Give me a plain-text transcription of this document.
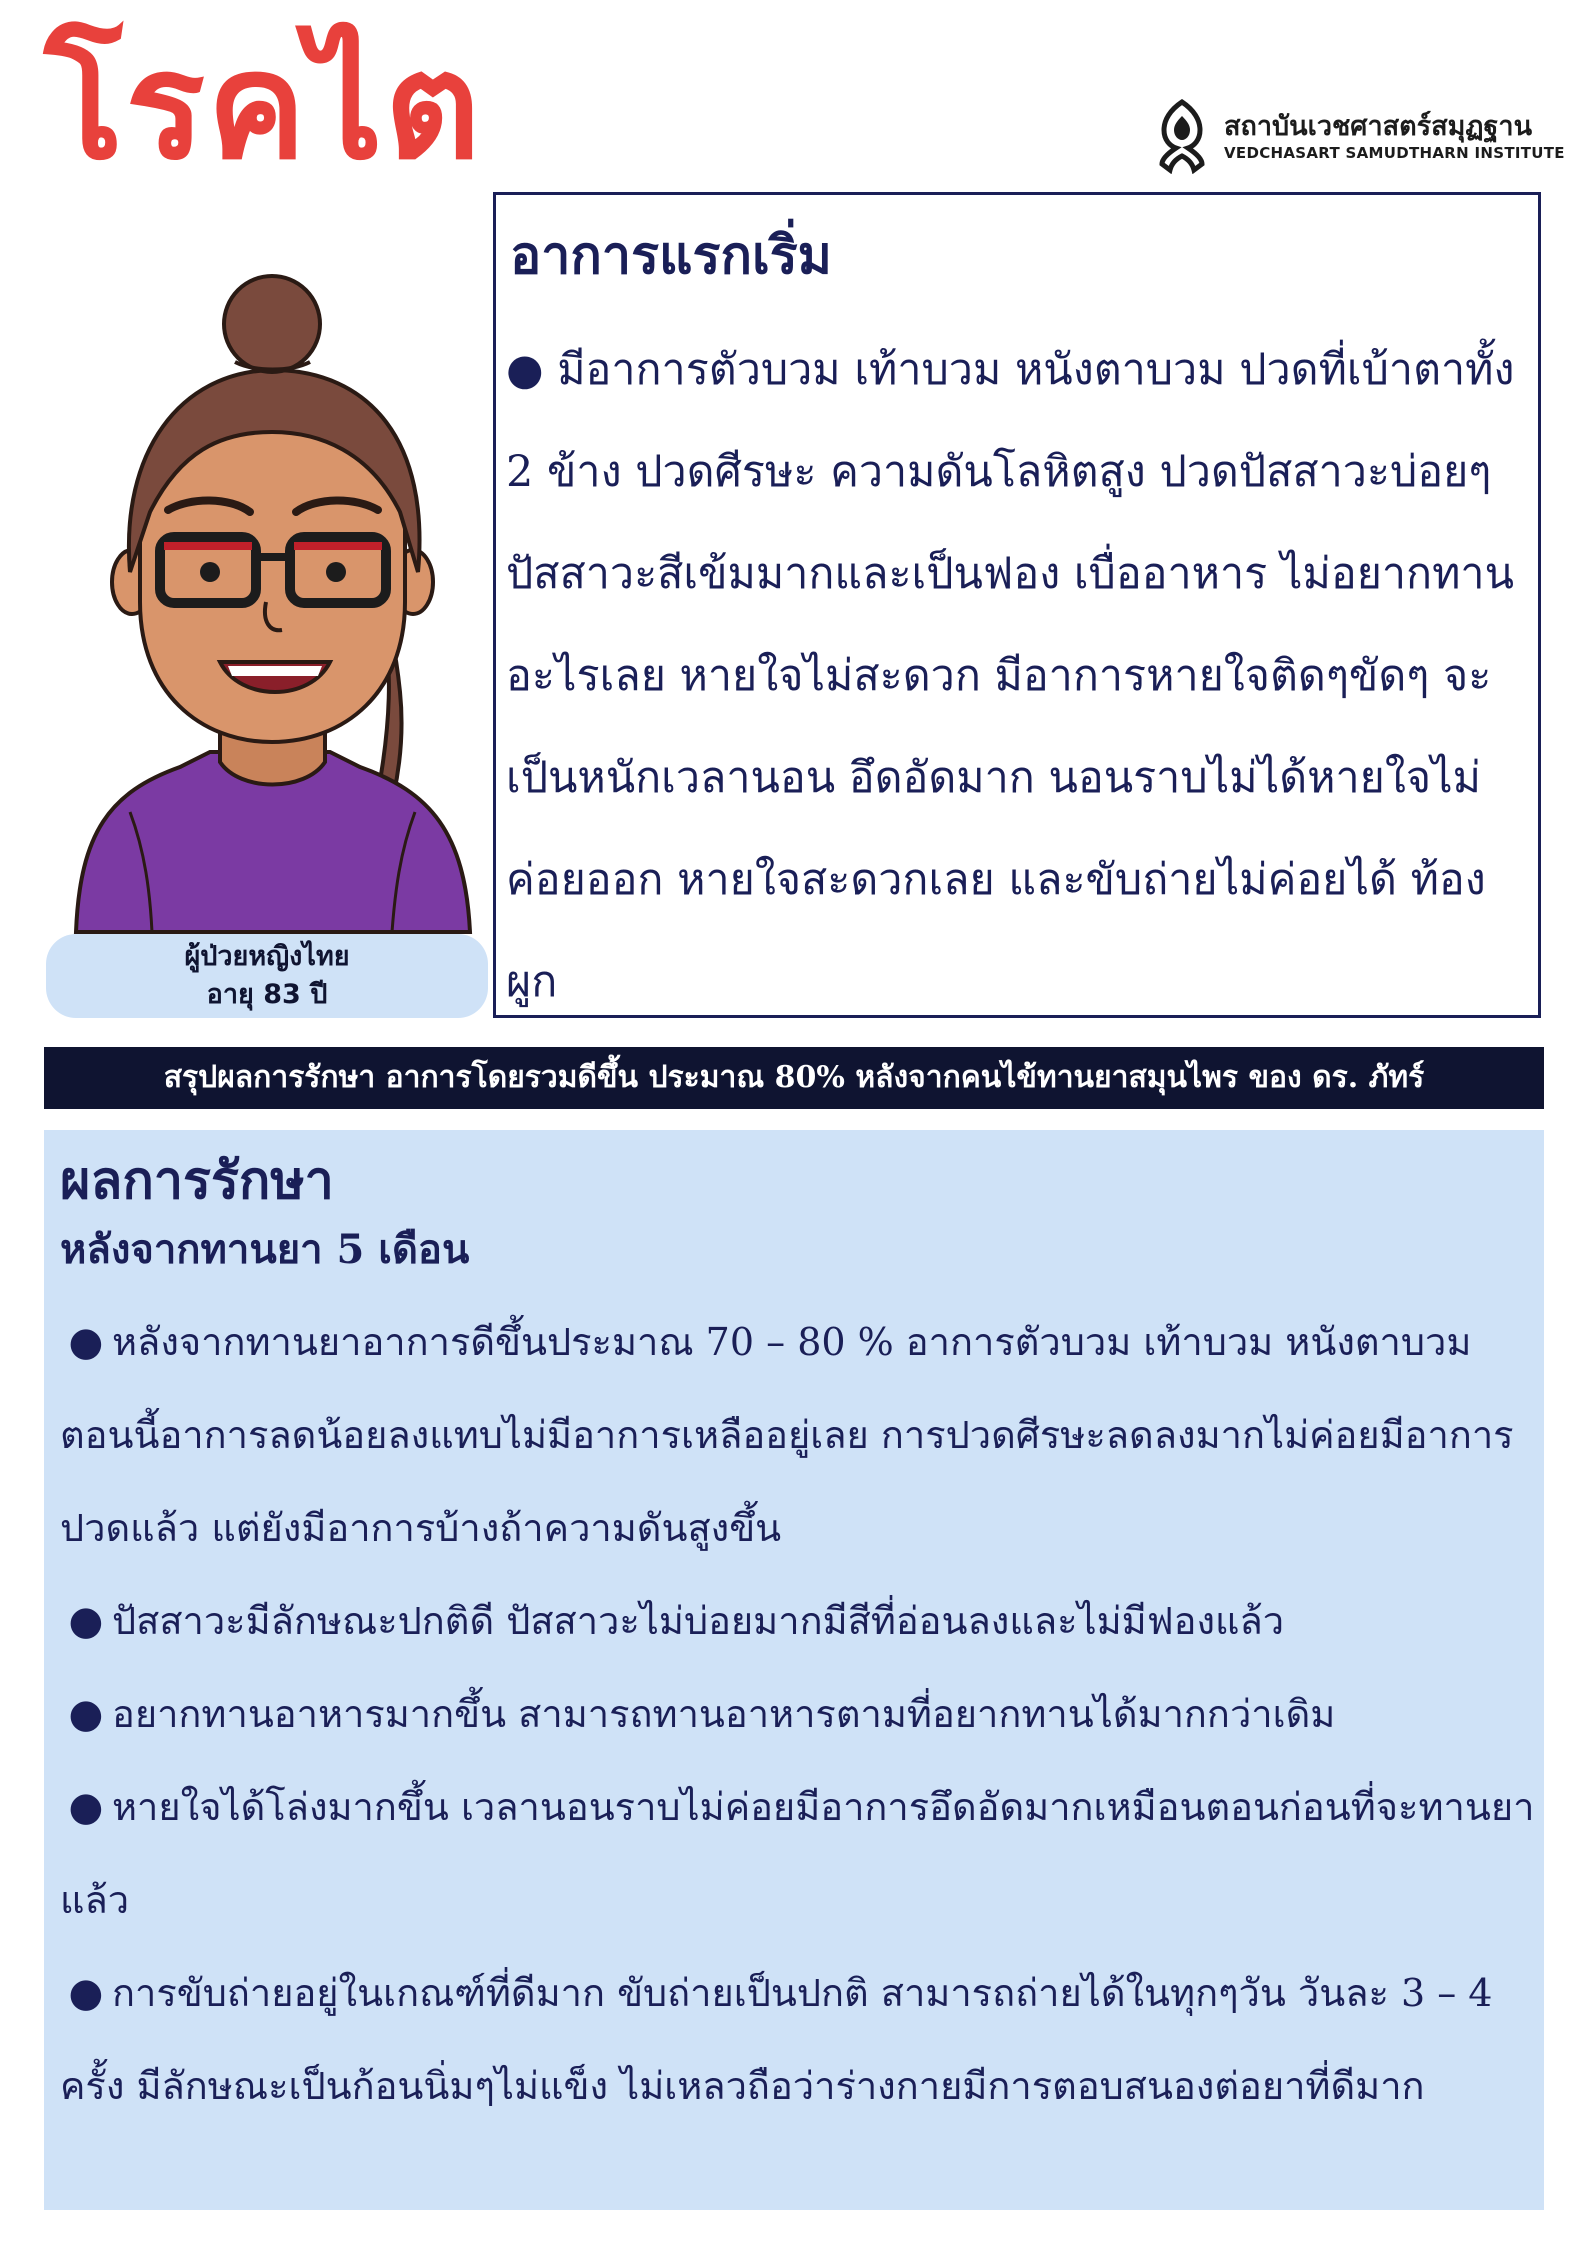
โรคไต	สถาบันเวชศาสตร์สมุฏฐาน
VEDCHASART SAMUDTHARN INSTITUTE
ผู้ป่วยหญิงไทย
อายุ 83 ปี
อาการแรกเริ่ม
● มีอาการตัวบวม เท้าบวม หนังตาบวม ปวดที่เบ้าตาทั้ง 2 ข้าง ปวดศีรษะ ความดันโลหิตสูง ปวดปัสสาวะบ่อยๆ ปัสสาวะสีเข้มมากและเป็นฟอง เบื่ออาหาร ไม่อยากทานอะไรเลย หายใจไม่สะดวก มีอาการหายใจติดๆขัดๆ จะเป็นหนักเวลานอน อึดอัดมาก นอนราบไม่ได้หายใจไม่ค่อยออก หายใจสะดวกเลย และขับถ่ายไม่ค่อยได้ ท้องผูก
สรุปผลการรักษา อาการโดยรวมดีขึ้น ประมาณ 80% หลังจากคนไข้ทานยาสมุนไพร ของ ดร. ภัทร์
ผลการรักษา
หลังจากทานยา 5 เดือน

● หลังจากทานยาอาการดีขึ้นประมาณ 70 – 80 % อาการตัวบวม เท้าบวม หนังตาบวมตอนนี้อาการลดน้อยลงแทบไม่มีอาการเหลืออยู่เลย การปวดศีรษะลดลงมากไม่ค่อยมีอาการปวดแล้ว แต่ยังมีอาการบ้างถ้าความดันสูงขึ้น

● ปัสสาวะมีลักษณะปกติดี ปัสสาวะไม่บ่อยมากมีสีที่อ่อนลงและไม่มีฟองแล้ว

● อยากทานอาหารมากขึ้น สามารถทานอาหารตามที่อยากทานได้มากกว่าเดิม

● หายใจได้โล่งมากขึ้น เวลานอนราบไม่ค่อยมีอาการอึดอัดมากเหมือนตอนก่อนที่จะทานยาแล้ว

● การขับถ่ายอยู่ในเกณฑ์ที่ดีมาก ขับถ่ายเป็นปกติ สามารถถ่ายได้ในทุกๆวัน วันละ 3 – 4 ครั้ง มีลักษณะเป็นก้อนนิ่มๆไม่แข็ง ไม่เหลวถือว่าร่างกายมีการตอบสนองต่อยาที่ดีมาก
